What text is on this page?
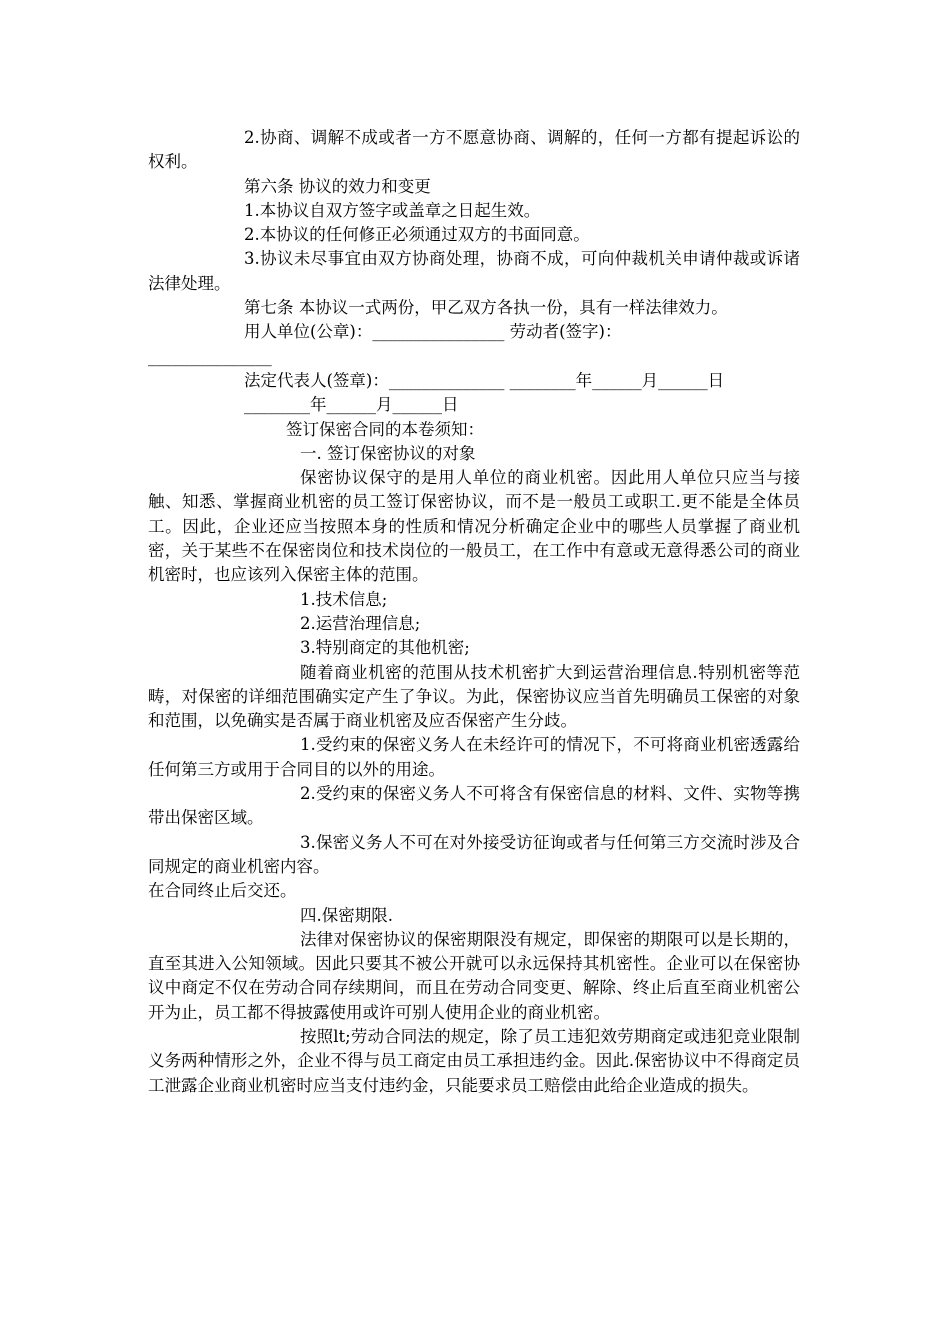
2.协商、调解不成或者一方不愿意协商、调解的，任何一方都有提起诉讼的权利。

第六条 协议的效力和变更

1.本协议自双方签字或盖章之日起生效。

2.本协议的任何修正必须通过双方的书面同意。

3.协议未尽事宜由双方协商处理，协商不成，可向仲裁机关申请仲裁或诉诸法律处理。

第七条 本协议一式两份，甲乙双方各执一份，具有一样法律效力。

用人单位(公章)：________________ 劳动者(签字)：

_______________

法定代表人(签章)：______________ ________年______月______日

________年______月______日

签订保密合同的本卷须知：

一. 签订保密协议的对象

保密协议保守的是用人单位的商业机密。因此用人单位只应当与接触、知悉、掌握商业机密的员工签订保密协议，而不是一般员工或职工.更不能是全体员工。因此，企业还应当按照本身的性质和情况分析确定企业中的哪些人员掌握了商业机密，关于某些不在保密岗位和技术岗位的一般员工，在工作中有意或无意得悉公司的商业机密时，也应该列入保密主体的范围。

1.技术信息;

2.运营治理信息;

3.特别商定的其他机密;

随着商业机密的范围从技术机密扩大到运营治理信息.特别机密等范畴，对保密的详细范围确实定产生了争议。为此，保密协议应当首先明确员工保密的对象和范围，以免确实是否属于商业机密及应否保密产生分歧。

1.受约束的保密义务人在未经许可的情况下，不可将商业机密透露给任何第三方或用于合同目的以外的用途。

2.受约束的保密义务人不可将含有保密信息的材料、文件、实物等携带出保密区域。

3.保密义务人不可在对外接受访征询或者与任何第三方交流时涉及合同规定的商业机密内容。

在合同终止后交还。

四.保密期限.

法律对保密协议的保密期限没有规定，即保密的期限可以是长期的，直至其进入公知领域。因此只要其不被公开就可以永远保持其机密性。企业可以在保密协议中商定不仅在劳动合同存续期间，而且在劳动合同变更、解除、终止后直至商业机密公开为止，员工都不得披露使用或许可别人使用企业的商业机密。

按照lt;劳动合同法的规定，除了员工违犯效劳期商定或违犯竞业限制义务两种情形之外，企业不得与员工商定由员工承担违约金。因此.保密协议中不得商定员工泄露企业商业机密时应当支付违约金，只能要求员工赔偿由此给企业造成的损失。
